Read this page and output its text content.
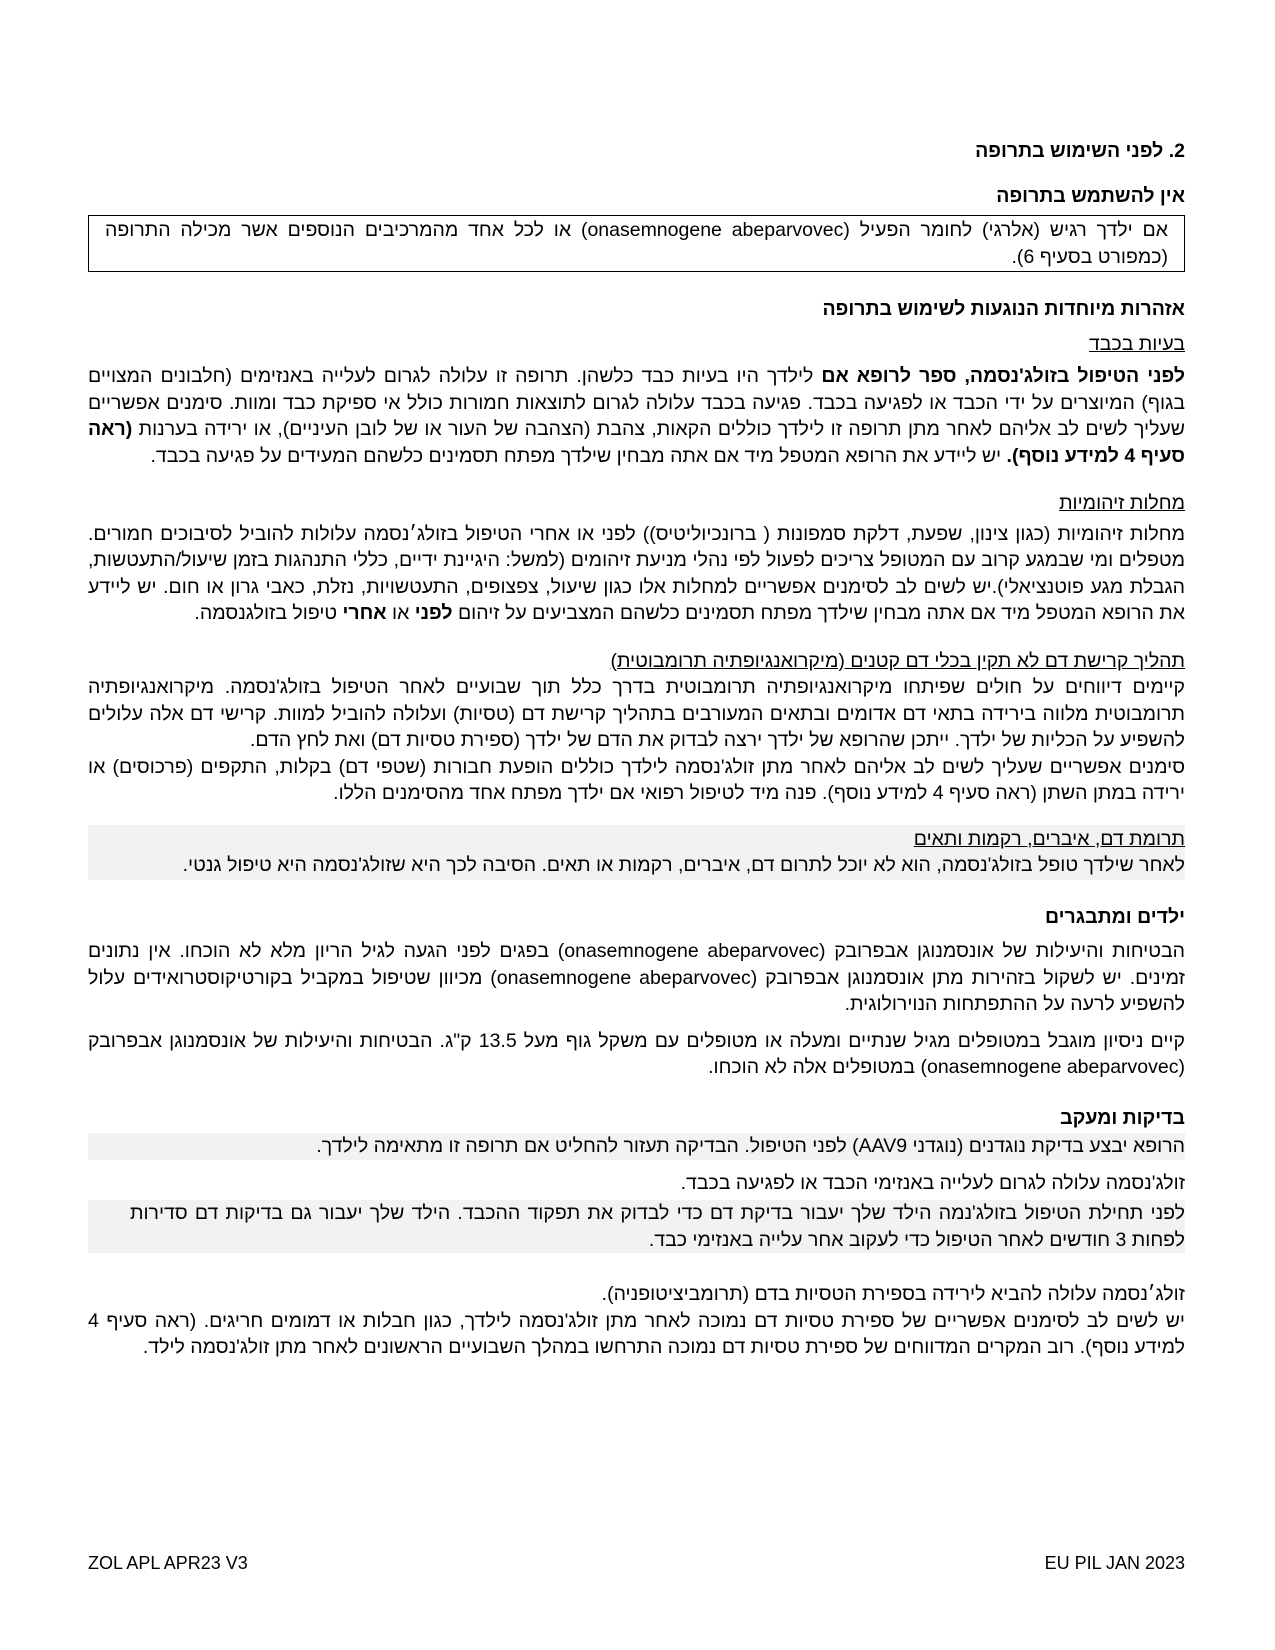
2. לפני השימוש בתרופה

אין להשתמש בתרופה

אם ילדך רגיש (אלרגי) לחומר הפעיל (onasemnogene abeparvovec) או לכל אחד מהמרכיבים הנוספים אשר מכילה התרופה (כמפורט בסעיף 6).

אזהרות מיוחדות הנוגעות לשימוש בתרופה

בעיות בכבד

לפני הטיפול בזולג'נסמה, ספר לרופא אם לילדך היו בעיות כבד כלשהן. תרופה זו עלולה לגרום לעלייה באנזימים (חלבונים המצויים בגוף) המיוצרים על ידי הכבד או לפגיעה בכבד. פגיעה בכבד עלולה לגרום לתוצאות חמורות כולל אי ספיקת כבד ומוות. סימנים אפשריים שעליך לשים לב אליהם לאחר מתן תרופה זו לילדך כוללים הקאות, צהבת (הצהבה של העור או של לובן העיניים), או ירידה בערנות (ראה סעיף 4 למידע נוסף). יש ליידע את הרופא המטפל מיד אם אתה מבחין שילדך מפתח תסמינים כלשהם המעידים על פגיעה בכבד.

מחלות זיהומיות

מחלות זיהומיות (כגון צינון, שפעת, דלקת סמפונות ( ברונכיוליטיס)) לפני או אחרי הטיפול בזולג׳נסמה עלולות להוביל לסיבוכים חמורים. מטפלים ומי שבמגע קרוב עם המטופל צריכים לפעול לפי נהלי מניעת זיהומים (למשל: היגיינת ידיים, כללי התנהגות בזמן שיעול/התעטשות, הגבלת מגע פוטנציאלי).יש לשים לב לסימנים אפשריים למחלות אלו כגון שיעול, צפצופים, התעטשויות, נזלת, כאבי גרון או חום. יש ליידע את הרופא המטפל מיד אם אתה מבחין שילדך מפתח תסמינים כלשהם המצביעים על זיהום לפני או אחרי טיפול בזולגנסמה.

תהליך קרישת דם לא תקין בכלי דם קטנים (מיקרואנגיופתיה תרומבוטית)

קיימים דיווחים על חולים שפיתחו מיקרואנגיופתיה תרומבוטית בדרך כלל תוך שבועיים לאחר הטיפול בזולג'נסמה. מיקרואנגיופתיה תרומבוטית מלווה בירידה בתאי דם אדומים ובתאים המעורבים בתהליך קרישת דם (טסיות) ועלולה להוביל למוות. קרישי דם אלה עלולים להשפיע על הכליות של ילדך. ייתכן שהרופא של ילדך ירצה לבדוק את הדם של ילדך (ספירת טסיות דם) ואת לחץ הדם.

סימנים אפשריים שעליך לשים לב אליהם לאחר מתן זולג'נסמה לילדך כוללים הופעת חבורות (שטפי דם) בקלות, התקפים (פרכוסים) או ירידה במתן השתן (ראה סעיף 4 למידע נוסף). פנה מיד לטיפול רפואי אם ילדך מפתח אחד מהסימנים הללו.

תרומת דם, איברים, רקמות ותאים

לאחר שילדך טופל בזולג'נסמה, הוא לא יוכל לתרום דם, איברים, רקמות או תאים. הסיבה לכך היא שזולג'נסמה היא טיפול גנטי.

ילדים ומתבגרים

הבטיחות והיעילות של אונסמנוגן אבפרובק (onasemnogene abeparvovec) בפגים לפני הגעה לגיל הריון מלא לא הוכחו. אין נתונים זמינים. יש לשקול בזהירות מתן אונסמנוגן אבפרובק (onasemnogene abeparvovec) מכיוון שטיפול במקביל בקורטיקוסטרואידים עלול להשפיע לרעה על ההתפתחות הנוירולוגית.

קיים ניסיון מוגבל במטופלים מגיל שנתיים ומעלה או מטופלים עם משקל גוף מעל 13.5 ק"ג. הבטיחות והיעילות של אונסמנוגן אבפרובק (onasemnogene abeparvovec) במטופלים אלה לא הוכחו.

בדיקות ומעקב

הרופא יבצע בדיקת נוגדנים (נוגדני AAV9) לפני הטיפול. הבדיקה תעזור להחליט אם תרופה זו מתאימה לילדך.

זולג'נסמה עלולה לגרום לעלייה באנזימי הכבד או לפגיעה בכבד.

לפני תחילת הטיפול בזולג'נמה הילד שלך יעבור בדיקת דם כדי לבדוק את תפקוד ההכבד. הילד שלך יעבור גם בדיקות דם סדירות לפחות 3 חודשים לאחר הטיפול כדי לעקוב אחר עלייה באנזימי כבד.

זולג׳נסמה עלולה להביא לירידה בספירת הטסיות בדם (תרומביציטופניה).

יש לשים לב לסימנים אפשריים של ספירת טסיות דם נמוכה לאחר מתן זולג'נסמה לילדך, כגון חבלות או דמומים חריגים. (ראה סעיף 4 למידע נוסף). רוב המקרים המדווחים של ספירת טסיות דם נמוכה התרחשו במהלך השבועיים הראשונים לאחר מתן זולג'נסמה לילד.

ZOL APL APR23 V3	EU PIL JAN 2023
